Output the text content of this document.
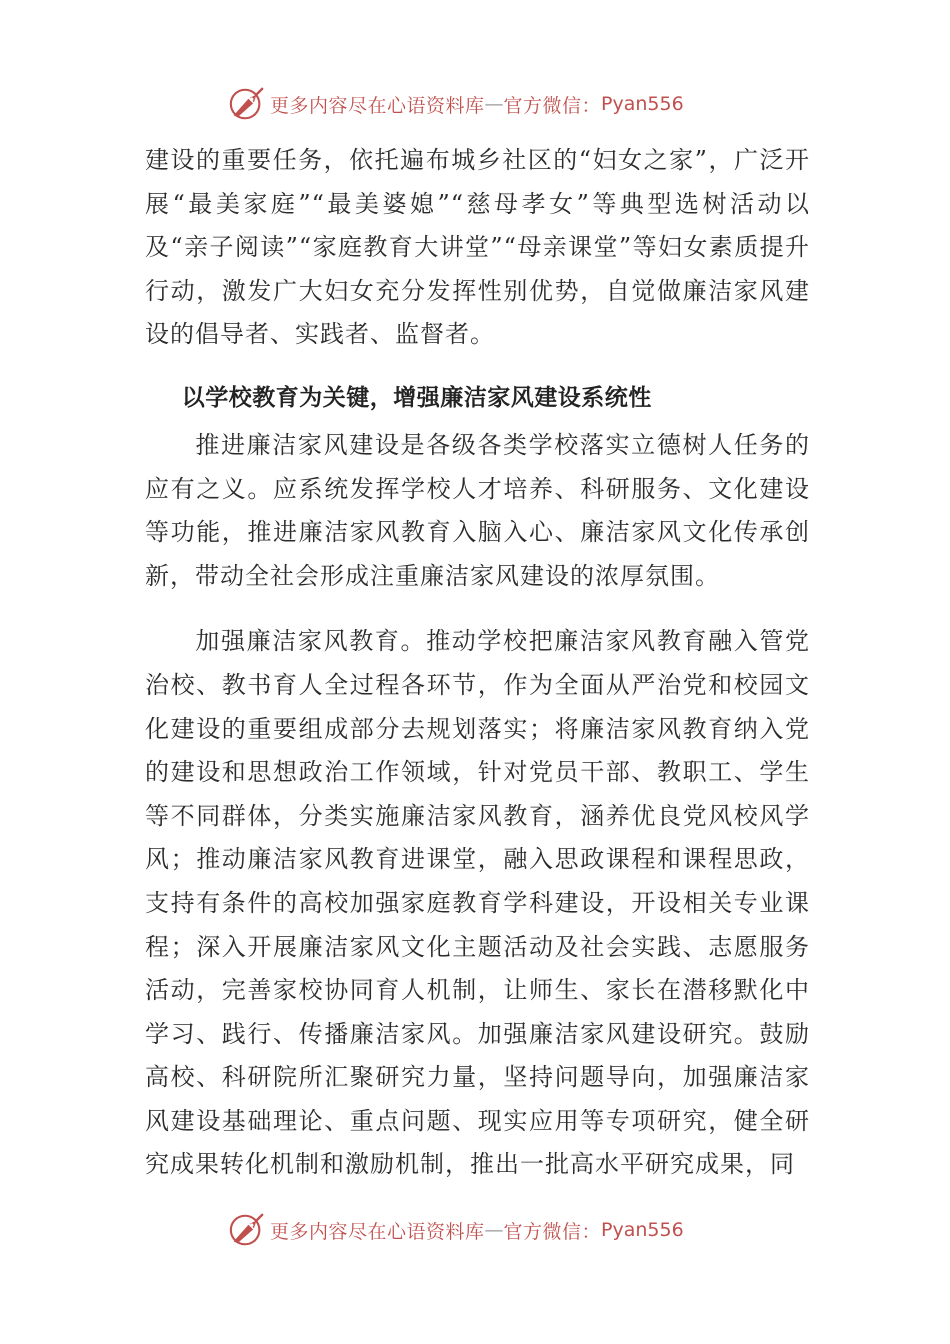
更多内容尽在心语资料库 — 官方微信： Pyan556

建设的重要任务，依托遍布城乡社区的“妇女之家”，广泛开展“最美家庭”“最美婆媳”“慈母孝女”等典型选树活动以及“亲子阅读”“家庭教育大讲堂”“母亲课堂”等妇女素质提升行动，激发广大妇女充分发挥性别优势，自觉做廉洁家风建设的倡导者、实践者、监督者。

以学校教育为关键，增强廉洁家风建设系统性

推进廉洁家风建设是各级各类学校落实立德树人任务的应有之义。应系统发挥学校人才培养、科研服务、文化建设等功能，推进廉洁家风教育入脑入心、廉洁家风文化传承创新，带动全社会形成注重廉洁家风建设的浓厚氛围。

加强廉洁家风教育。推动学校把廉洁家风教育融入管党治校、教书育人全过程各环节，作为全面从严治党和校园文化建设的重要组成部分去规划落实；将廉洁家风教育纳入党的建设和思想政治工作领域，针对党员干部、教职工、学生等不同群体，分类实施廉洁家风教育，涵养优良党风校风学风；推动廉洁家风教育进课堂，融入思政课程和课程思政，支持有条件的高校加强家庭教育学科建设，开设相关专业课程；深入开展廉洁家风文化主题活动及社会实践、志愿服务活动，完善家校协同育人机制，让师生、家长在潜移默化中学习、践行、传播廉洁家风。加强廉洁家风建设研究。鼓励高校、科研院所汇聚研究力量，坚持问题导向，加强廉洁家风建设基础理论、重点问题、现实应用等专项研究，健全研究成果转化机制和激励机制，推出一批高水平研究成果，同

更多内容尽在心语资料库 — 官方微信： Pyan556
